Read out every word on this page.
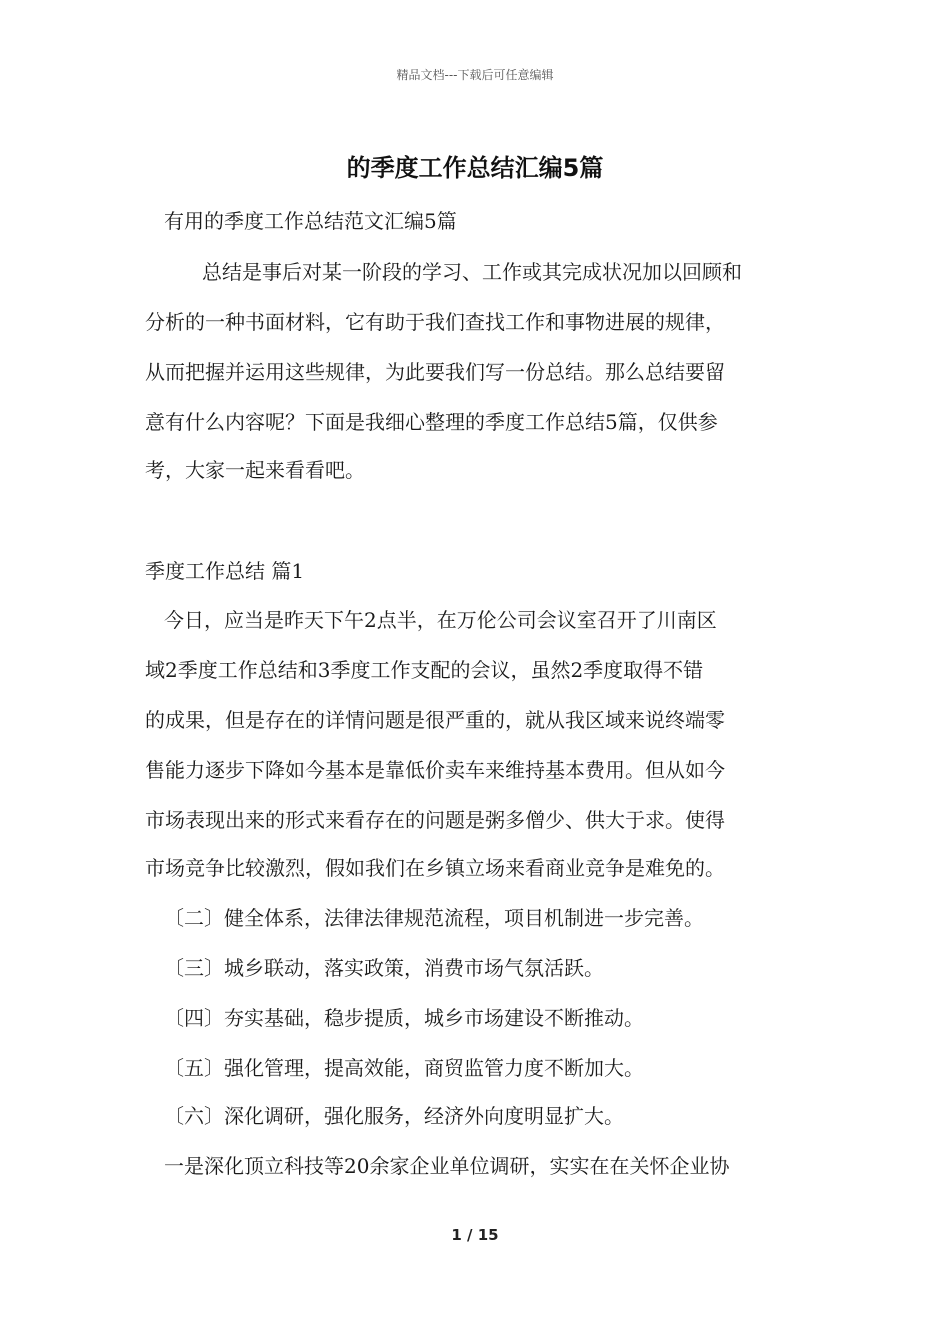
精品文档---下载后可任意编辑
的季度工作总结汇编5篇
有用的季度工作总结范文汇编5篇
总结是事后对某一阶段的学习、工作或其完成状况加以回顾和
分析的一种书面材料，它有助于我们查找工作和事物进展的规律，
从而把握并运用这些规律，为此要我们写一份总结。那么总结要留
意有什么内容呢？下面是我细心整理的季度工作总结5篇，仅供参
考，大家一起来看看吧。
季度工作总结 篇1
今日，应当是昨天下午2点半，在万伦公司会议室召开了川南区
域2季度工作总结和3季度工作支配的会议，虽然2季度取得不错
的成果，但是存在的详情问题是很严重的，就从我区域来说终端零
售能力逐步下降如今基本是靠低价卖车来维持基本费用。但从如今
市场表现出来的形式来看存在的问题是粥多僧少、供大于求。使得
市场竞争比较激烈，假如我们在乡镇立场来看商业竞争是难免的。
〔二〕健全体系，法律法律规范流程，项目机制进一步完善。
〔三〕城乡联动，落实政策，消费市场气氛活跃。
〔四〕夯实基础，稳步提质，城乡市场建设不断推动。
〔五〕强化管理，提高效能，商贸监管力度不断加大。
〔六〕深化调研，强化服务，经济外向度明显扩大。
一是深化顶立科技等20余家企业单位调研，实实在在关怀企业协
1 / 15
